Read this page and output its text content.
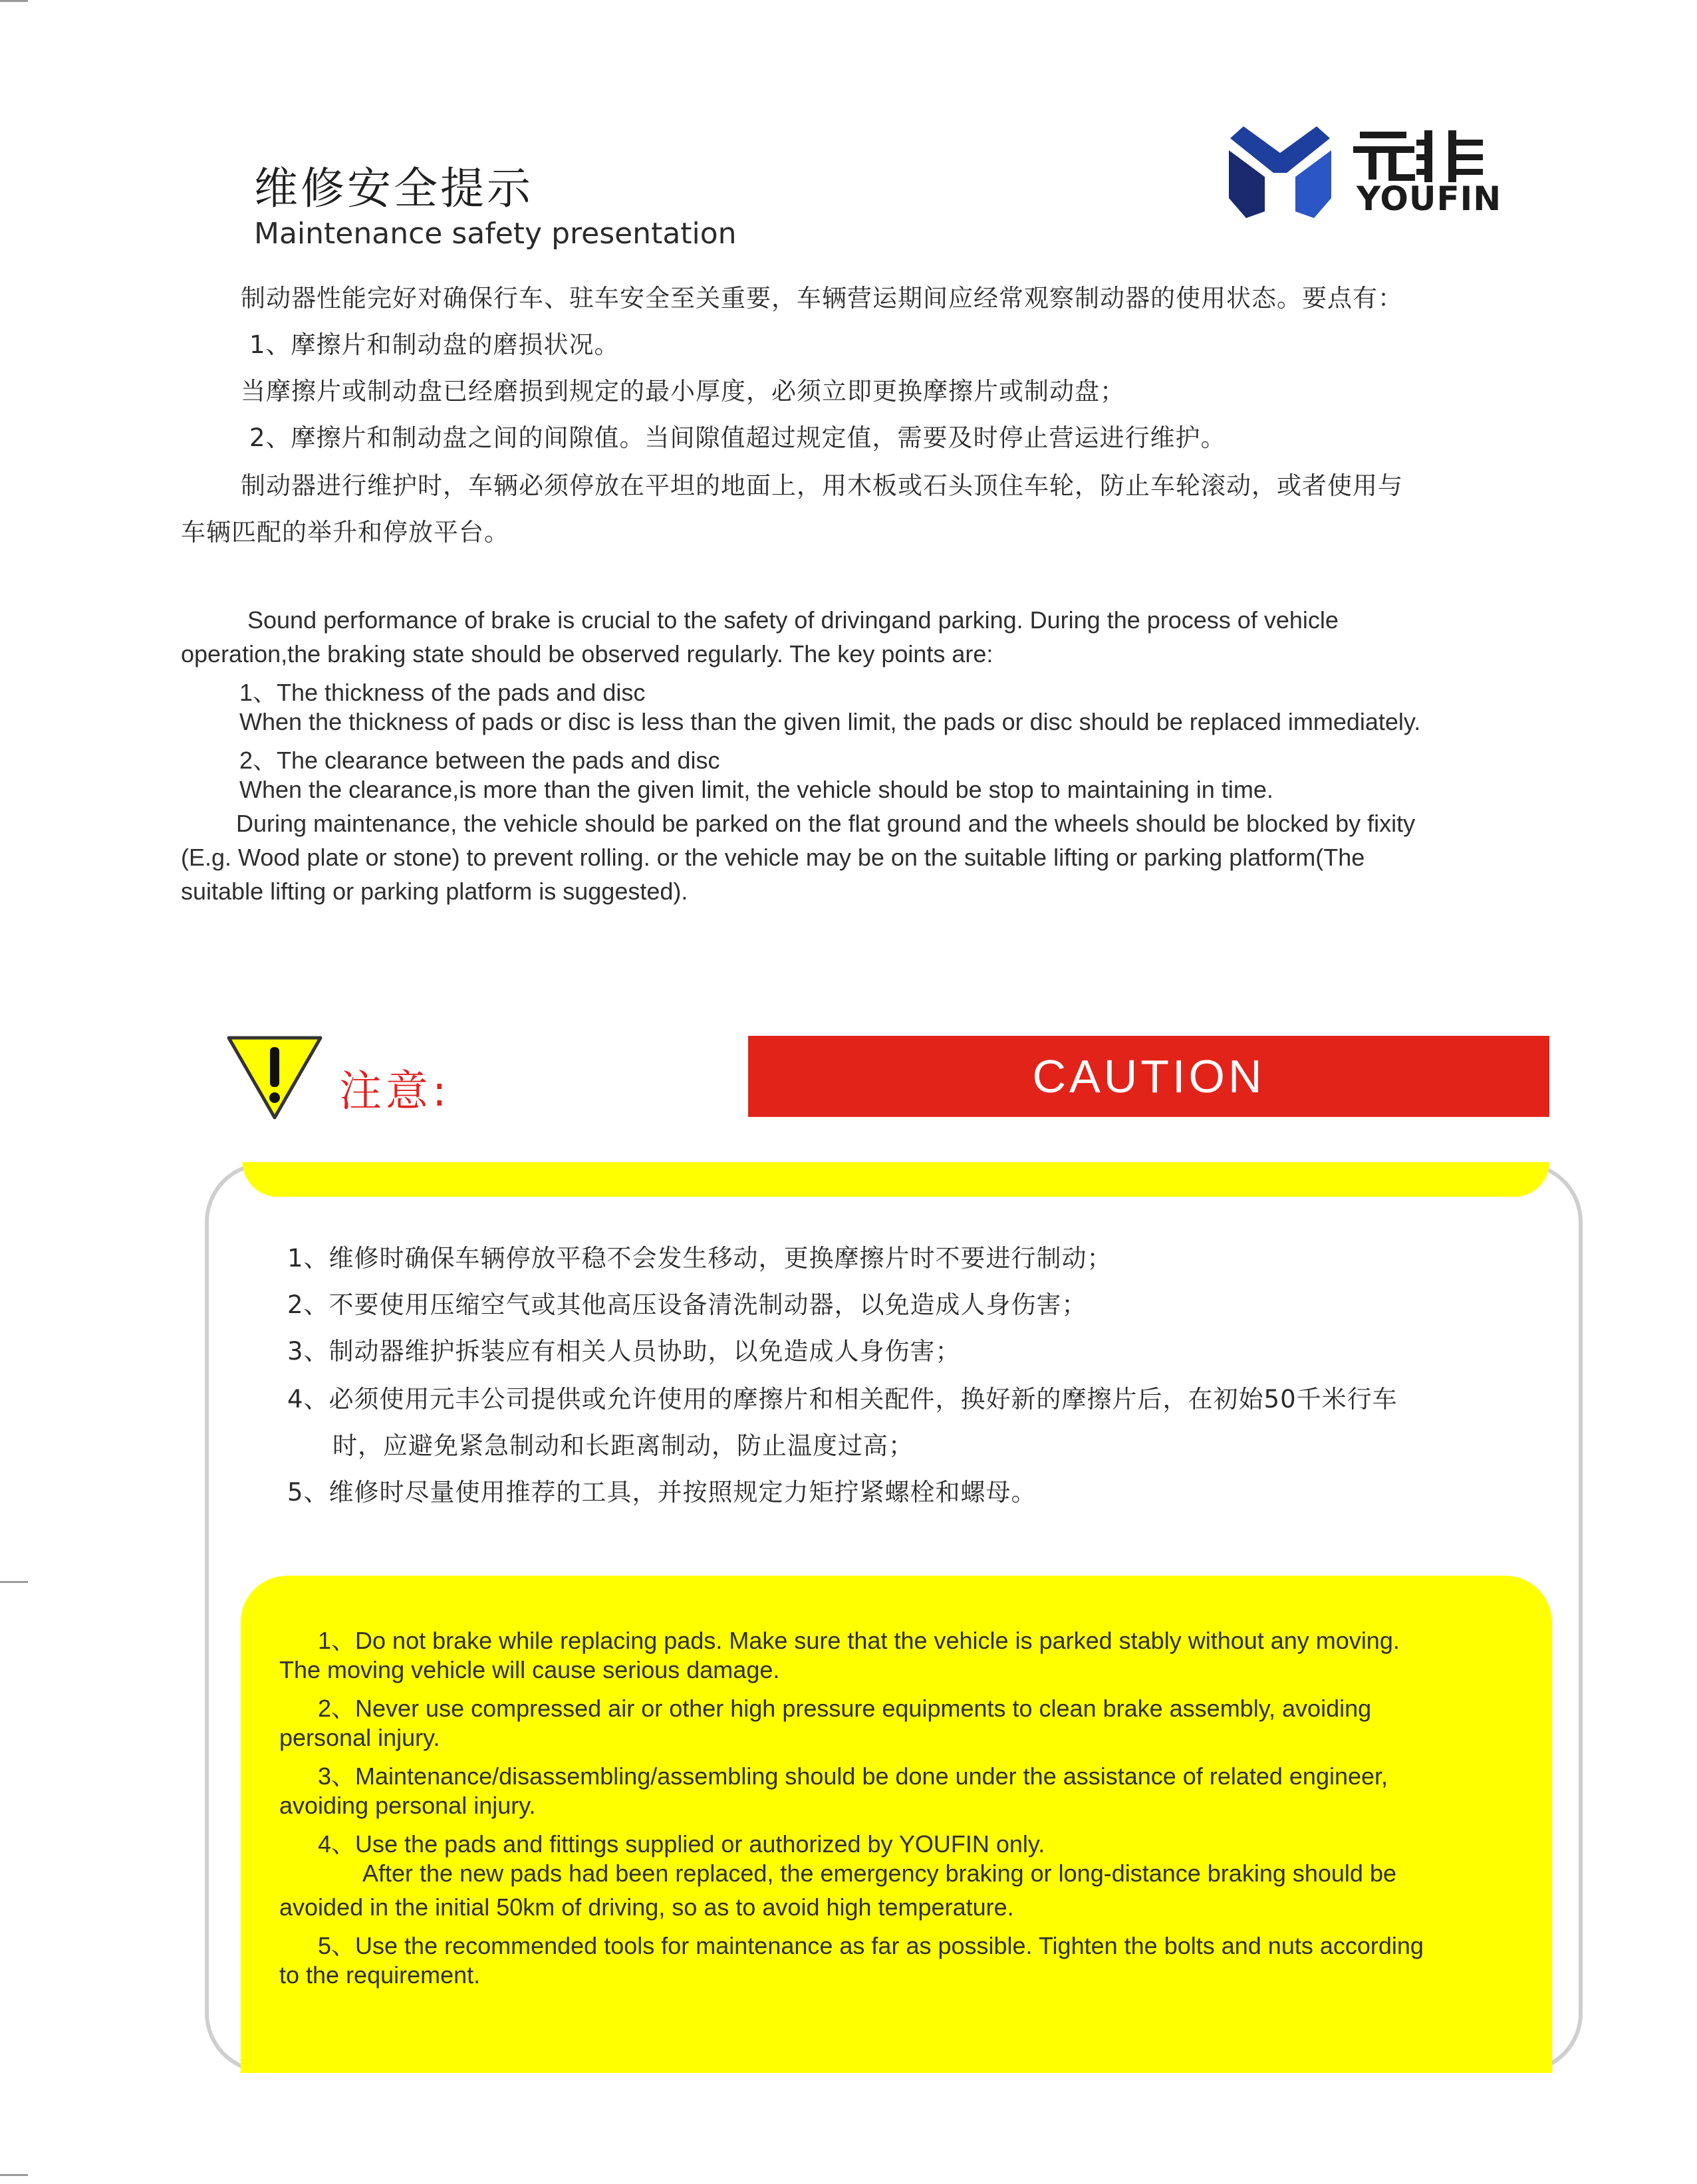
维修安全提示
Maintenance safety presentation
YOUFIN
制动器性能完好对确保行车、驻车安全至关重要，车辆营运期间应经常观察制动器的使用状态。要点有：
1、摩擦片和制动盘的磨损状况。
当摩擦片或制动盘已经磨损到规定的最小厚度，必须立即更换摩擦片或制动盘；
2、摩擦片和制动盘之间的间隙值。当间隙值超过规定值，需要及时停止营运进行维护。
制动器进行维护时，车辆必须停放在平坦的地面上，用木板或石头顶住车轮，防止车轮滚动，或者使用与
车辆匹配的举升和停放平台。
Sound performance of brake is crucial to the safety of drivingand parking. During the process of vehicle
operation,the braking state should be observed regularly. The key points are:
1、The thickness of the pads and disc
When the thickness of pads or disc is less than the given limit, the pads or disc should be replaced immediately.
2、The clearance between the pads and disc
When the clearance,is more than the given limit, the vehicle should be stop to maintaining in time.
During maintenance, the vehicle should be parked on the flat ground and the wheels should be blocked by fixity
(E.g. Wood plate or stone) to prevent rolling. or the vehicle may be on the suitable lifting or parking platform(The
suitable lifting or parking platform is suggested).
注意:	CAUTION
1、维修时确保车辆停放平稳不会发生移动，更换摩擦片时不要进行制动；
2、不要使用压缩空气或其他高压设备清洗制动器，以免造成人身伤害；
3、制动器维护拆装应有相关人员协助，以免造成人身伤害；
4、必须使用元丰公司提供或允许使用的摩擦片和相关配件，换好新的摩擦片后，在初始50千米行车
时，应避免紧急制动和长距离制动，防止温度过高；
5、维修时尽量使用推荐的工具，并按照规定力矩拧紧螺栓和螺母。
1、Do not brake while replacing pads. Make sure that the vehicle is parked stably without any moving.
The moving vehicle will cause serious damage.
2、Never use compressed air or other high pressure equipments to clean brake assembly, avoiding
personal injury.
3、Maintenance/disassembling/assembling should be done under the assistance of related engineer,
avoiding personal injury.
4、Use the pads and fittings supplied or authorized by YOUFIN only.
After the new pads had been replaced, the emergency braking or long-distance braking should be
avoided in the initial 50km of driving, so as to avoid high temperature.
5、Use the recommended tools for maintenance as far as possible. Tighten the bolts and nuts according
to the requirement.
